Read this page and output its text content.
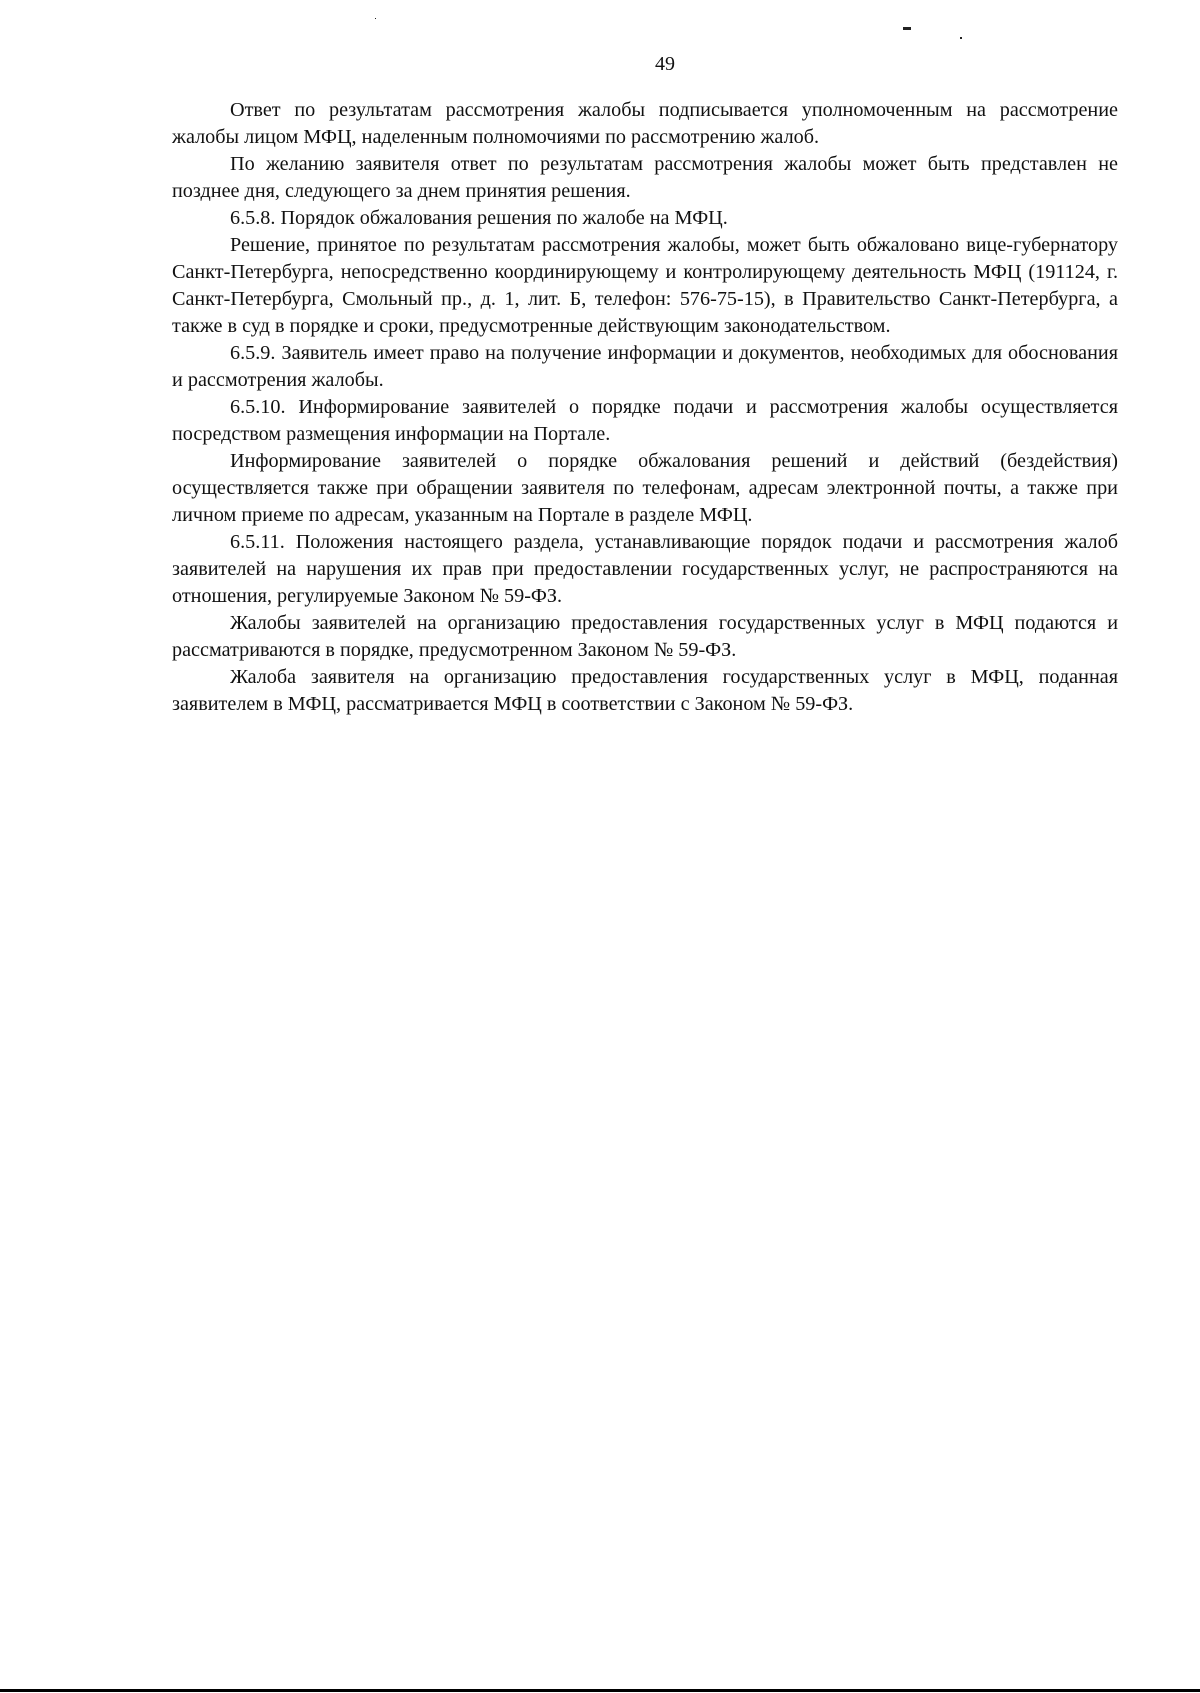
49

Ответ по результатам рассмотрения жалобы подписывается уполномоченным на рассмотрение жалобы лицом МФЦ, наделенным полномочиями по рассмотрению жалоб.

По желанию заявителя ответ по результатам рассмотрения жалобы может быть представлен не позднее дня, следующего за днем принятия решения.

6.5.8. Порядок обжалования решения по жалобе на МФЦ.

Решение, принятое по результатам рассмотрения жалобы, может быть обжаловано вице-губернатору Санкт-Петербурга, непосредственно координирующему и контролирующему деятельность МФЦ (191124, г. Санкт-Петербурга, Смольный пр., д. 1, лит. Б, телефон: 576-75-15), в Правительство Санкт-Петербурга, а также в суд в порядке и сроки, предусмотренные действующим законодательством.

6.5.9. Заявитель имеет право на получение информации и документов, необходимых для обоснования и рассмотрения жалобы.

6.5.10. Информирование заявителей о порядке подачи и рассмотрения жалобы осуществляется посредством размещения информации на Портале.

Информирование заявителей о порядке обжалования решений и действий (бездействия) осуществляется также при обращении заявителя по телефонам, адресам электронной почты, а также при личном приеме по адресам, указанным на Портале в разделе МФЦ.

6.5.11. Положения настоящего раздела, устанавливающие порядок подачи и рассмотрения жалоб заявителей на нарушения их прав при предоставлении государственных услуг, не распространяются на отношения, регулируемые Законом № 59-ФЗ.

Жалобы заявителей на организацию предоставления государственных услуг в МФЦ подаются и рассматриваются в порядке, предусмотренном Законом № 59-ФЗ.

Жалоба заявителя на организацию предоставления государственных услуг в МФЦ, поданная заявителем в МФЦ, рассматривается МФЦ в соответствии с Законом № 59-ФЗ.
